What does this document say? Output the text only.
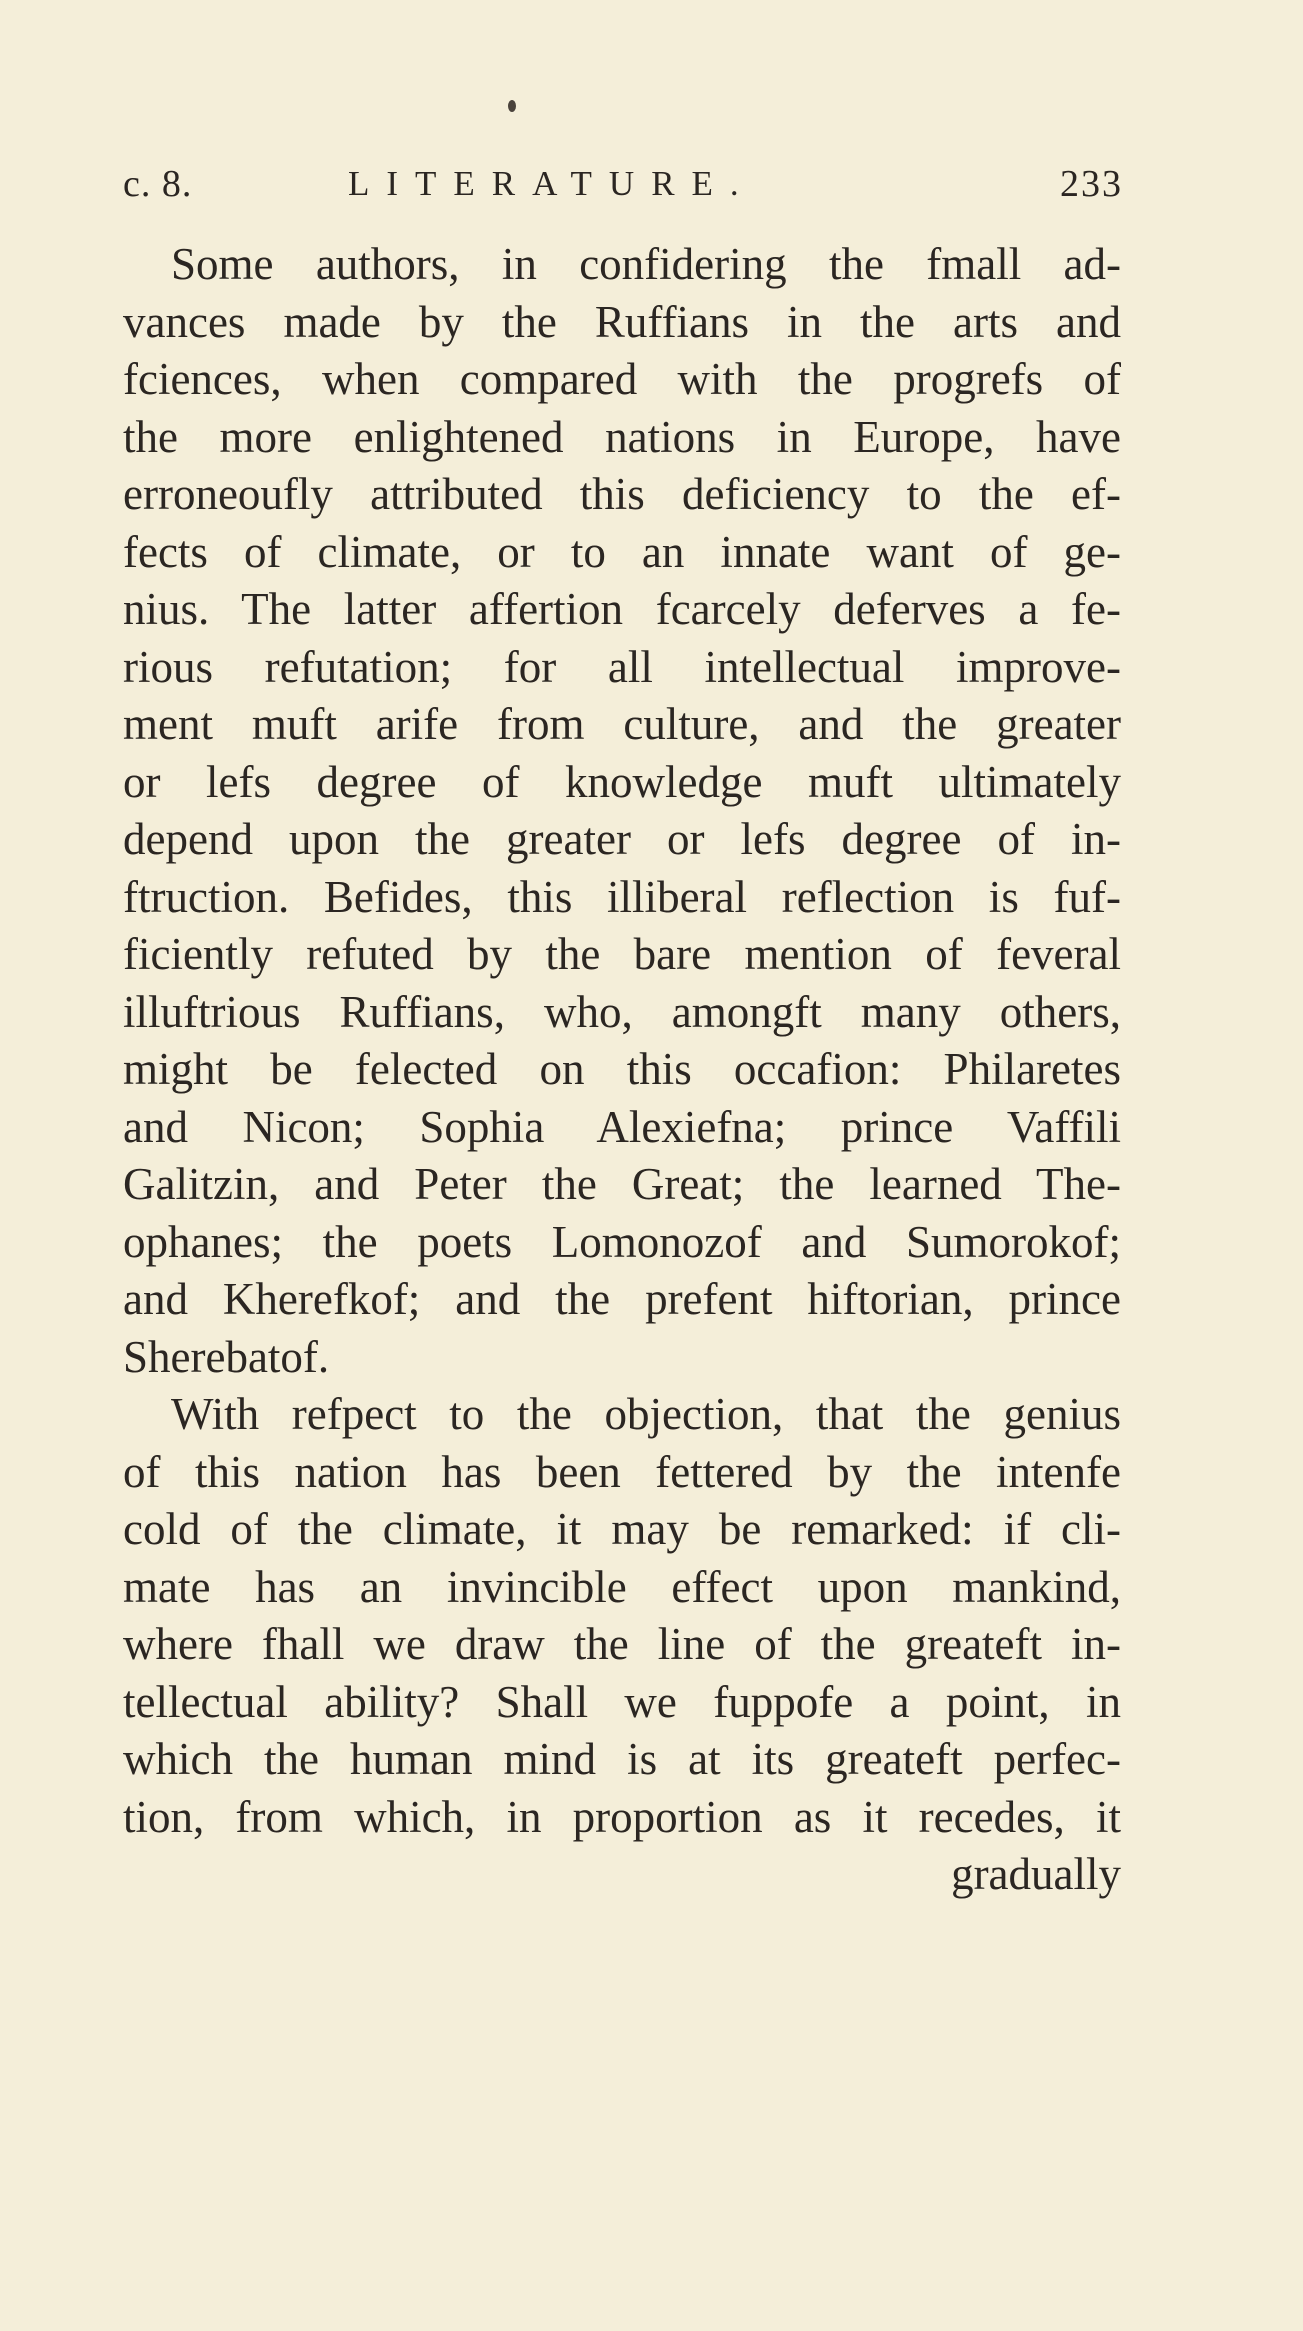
c. 8.	LITERATURE.	233
Some authors, in confidering the fmall ad-
vances made by the Ruffians in the arts and
fciences, when compared with the progrefs of
the more enlightened nations in Europe, have
erroneoufly attributed this deficiency to the ef-
fects of climate, or to an innate want of ge-
nius. The latter affertion fcarcely deferves a fe-
rious refutation; for all intellectual improve-
ment muft arife from culture, and the greater
or lefs degree of knowledge muft ultimately
depend upon the greater or lefs degree of in-
ftruction. Befides, this illiberal reflection is fuf-
ficiently refuted by the bare mention of feveral
illuftrious Ruffians, who, amongft many others,
might be felected on this occafion: Philaretes
and Nicon; Sophia Alexiefna; prince Vaffili
Galitzin, and Peter the Great; the learned The-
ophanes; the poets Lomonozof and Sumorokof;
and Kherefkof; and the prefent hiftorian, prince
Sherebatof.
With refpect to the objection, that the genius
of this nation has been fettered by the intenfe
cold of the climate, it may be remarked: if cli-
mate has an invincible effect upon mankind,
where fhall we draw the line of the greateft in-
tellectual ability? Shall we fuppofe a point, in
which the human mind is at its greateft perfec-
tion, from which, in proportion as it recedes, it
gradually
